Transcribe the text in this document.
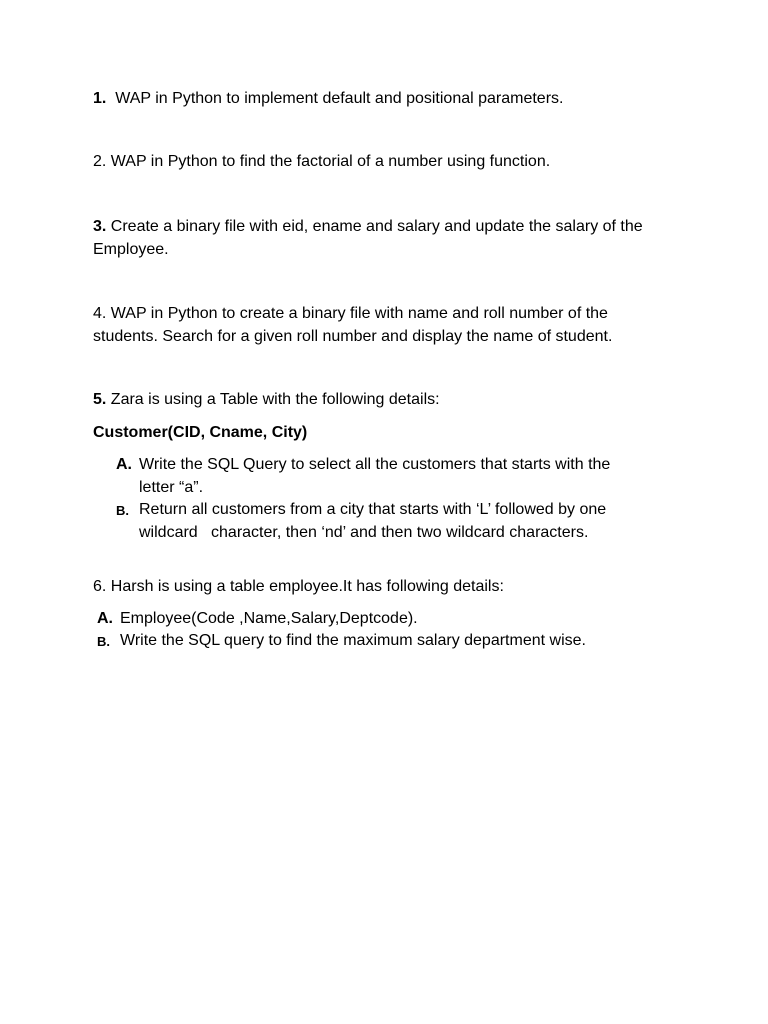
1. WAP in Python to implement default and positional parameters.
2. WAP in Python to find the factorial of a number using function.
3. Create a binary file with eid, ename and salary and update the salary of the Employee.
4. WAP in Python to create a binary file with name and roll number of the students. Search for a given roll number and display the name of student.
5. Zara is using a Table with the following details:
Customer(CID, Cname, City)
A. Write the SQL Query to select all the customers that starts with the letter “a”.
B. Return all customers from a city that starts with ‘L’ followed by one wildcard   character, then ‘nd’ and then two wildcard characters.
6. Harsh is using a table employee.It has following details:
A. Employee(Code ,Name,Salary,Deptcode).
B. Write the SQL query to find the maximum salary department wise.
